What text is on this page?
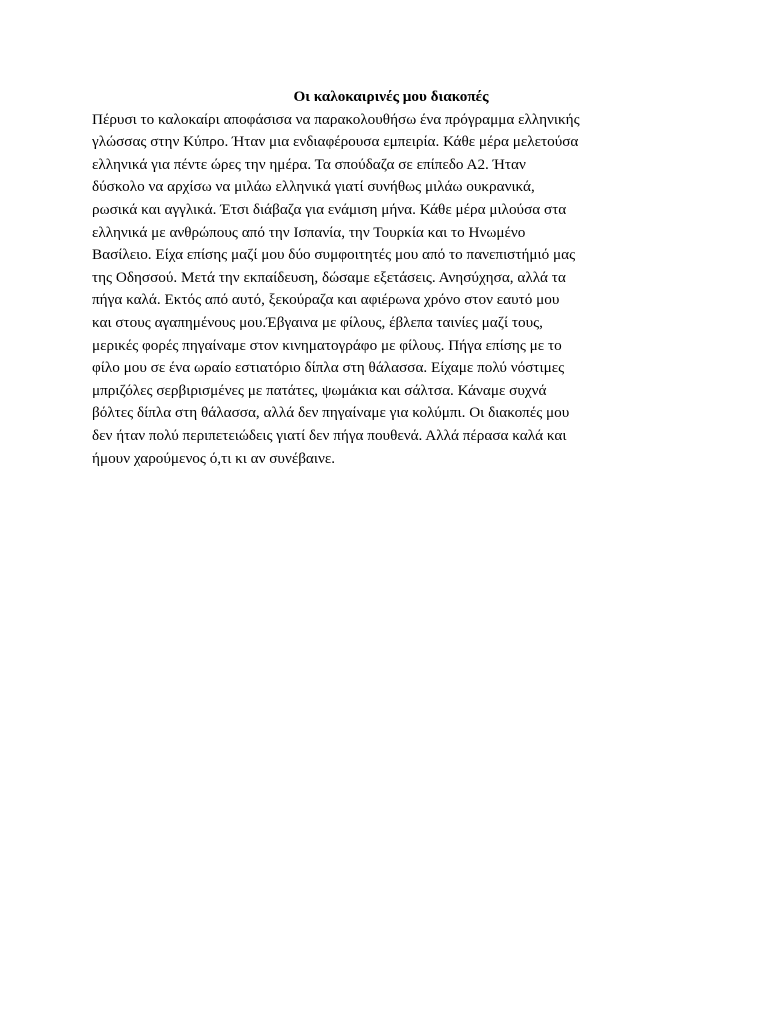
Οι καλοκαιρινές μου διακοπές

Πέρυσι το καλοκαίρι αποφάσισα να παρακολουθήσω ένα πρόγραμμα ελληνικής
γλώσσας στην Κύπρο. Ήταν μια ενδιαφέρουσα εμπειρία. Κάθε μέρα μελετούσα
ελληνικά για πέντε ώρες την ημέρα. Τα σπούδαζα σε επίπεδο Α2. Ήταν
δύσκολο να αρχίσω να μιλάω ελληνικά γιατί συνήθως μιλάω ουκρανικά,
ρωσικά και αγγλικά. Έτσι διάβαζα για ενάμιση μήνα. Κάθε μέρα μιλούσα στα
ελληνικά με ανθρώπους από την Ισπανία, την Τουρκία και το Ηνωμένο
Βασίλειο. Είχα επίσης μαζί μου δύο συμφοιτητές μου από το πανεπιστήμιό μας
της Οδησσού. Μετά την εκπαίδευση, δώσαμε εξετάσεις. Ανησύχησα, αλλά τα
πήγα καλά. Εκτός από αυτό, ξεκούραζα και αφιέρωνα χρόνο στον εαυτό μου
και στους αγαπημένους μου.Έβγαινα με φίλους, έβλεπα ταινίες μαζί τους,
μερικές φορές πηγαίναμε στον κινηματογράφο με φίλους. Πήγα επίσης με το
φίλο μου σε ένα ωραίο εστιατόριο δίπλα στη θάλασσα. Είχαμε πολύ νόστιμες
μπριζόλες σερβιρισμένες με πατάτες, ψωμάκια και σάλτσα. Κάναμε συχνά
βόλτες δίπλα στη θάλασσα, αλλά δεν πηγαίναμε για κολύμπι. Οι διακοπές μου
δεν ήταν πολύ περιπετειώδεις γιατί δεν πήγα πουθενά. Αλλά πέρασα καλά και
ήμουν χαρούμενος ό,τι κι αν συνέβαινε.
